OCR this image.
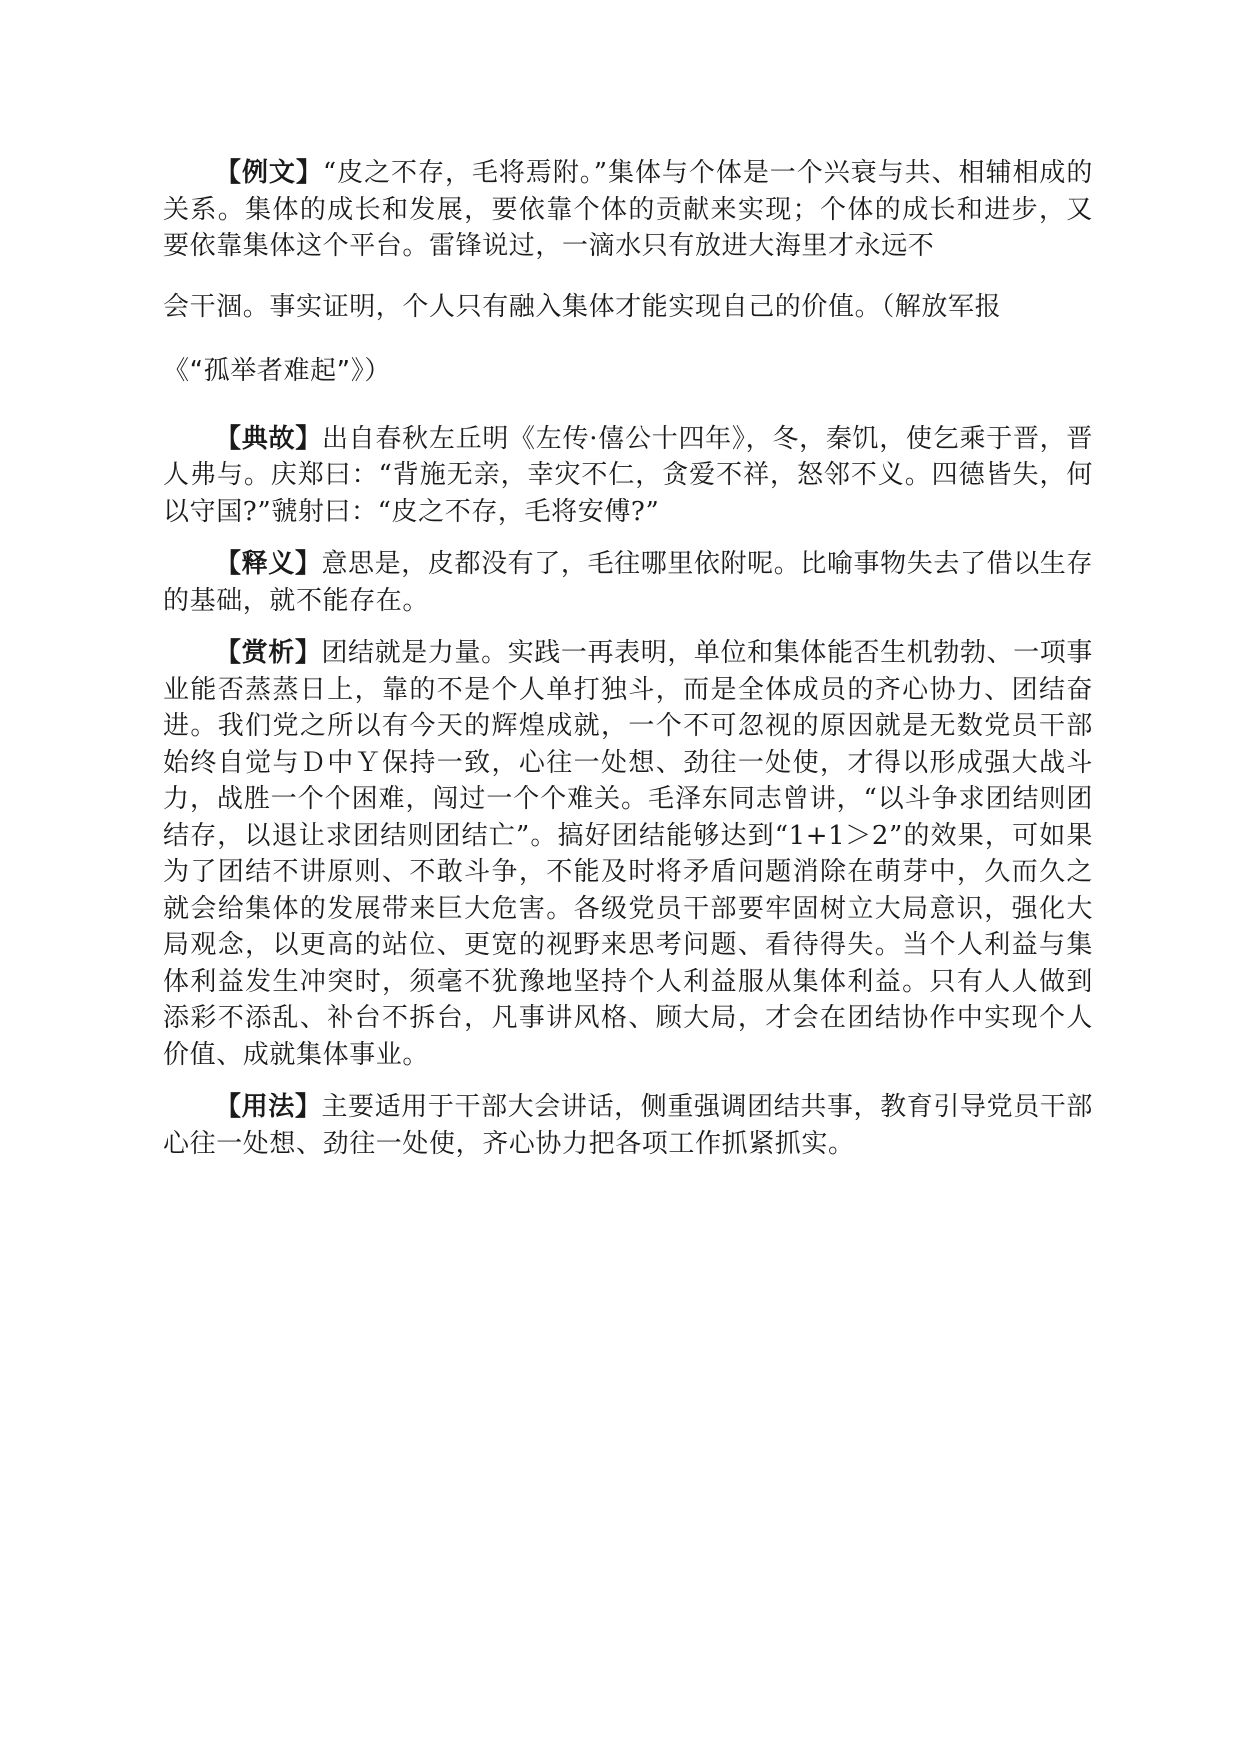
【例文】“皮之不存，毛将焉附。”集体与个体是一个兴衰与共、相辅相成的关系。集体的成长和发展，要依靠个体的贡献来实现；个体的成长和进步，又要依靠集体这个平台。雷锋说过，一滴水只有放进大海里才永远不
会干涸。事实证明，个人只有融入集体才能实现自己的价值。（解放军报
《“孤举者难起”》）

【典故】出自春秋左丘明《左传·僖公十四年》，冬，秦饥，使乞乘于晋，晋人弗与。庆郑曰：“背施无亲，幸灾不仁，贪爱不祥，怒邻不义。四德皆失，何以守国?”虢射曰：“皮之不存，毛将安傅?”

【释义】意思是，皮都没有了，毛往哪里依附呢。比喻事物失去了借以生存的基础，就不能存在。

【赏析】团结就是力量。实践一再表明，单位和集体能否生机勃勃、一项事业能否蒸蒸日上，靠的不是个人单打独斗，而是全体成员的齐心协力、团结奋进。我们党之所以有今天的辉煌成就，一个不可忽视的原因就是无数党员干部始终自觉与Ｄ中Ｙ保持一致，心往一处想、劲往一处使，才得以形成强大战斗力，战胜一个个困难，闯过一个个难关。毛泽东同志曾讲，“以斗争求团结则团结存，以退让求团结则团结亡”。搞好团结能够达到“1+1＞2”的效果，可如果为了团结不讲原则、不敢斗争，不能及时将矛盾问题消除在萌芽中，久而久之就会给集体的发展带来巨大危害。各级党员干部要牢固树立大局意识，强化大局观念，以更高的站位、更宽的视野来思考问题、看待得失。当个人利益与集体利益发生冲突时，须毫不犹豫地坚持个人利益服从集体利益。只有人人做到添彩不添乱、补台不拆台，凡事讲风格、顾大局，才会在团结协作中实现个人价值、成就集体事业。

【用法】主要适用于干部大会讲话，侧重强调团结共事，教育引导党员干部心往一处想、劲往一处使，齐心协力把各项工作抓紧抓实。
